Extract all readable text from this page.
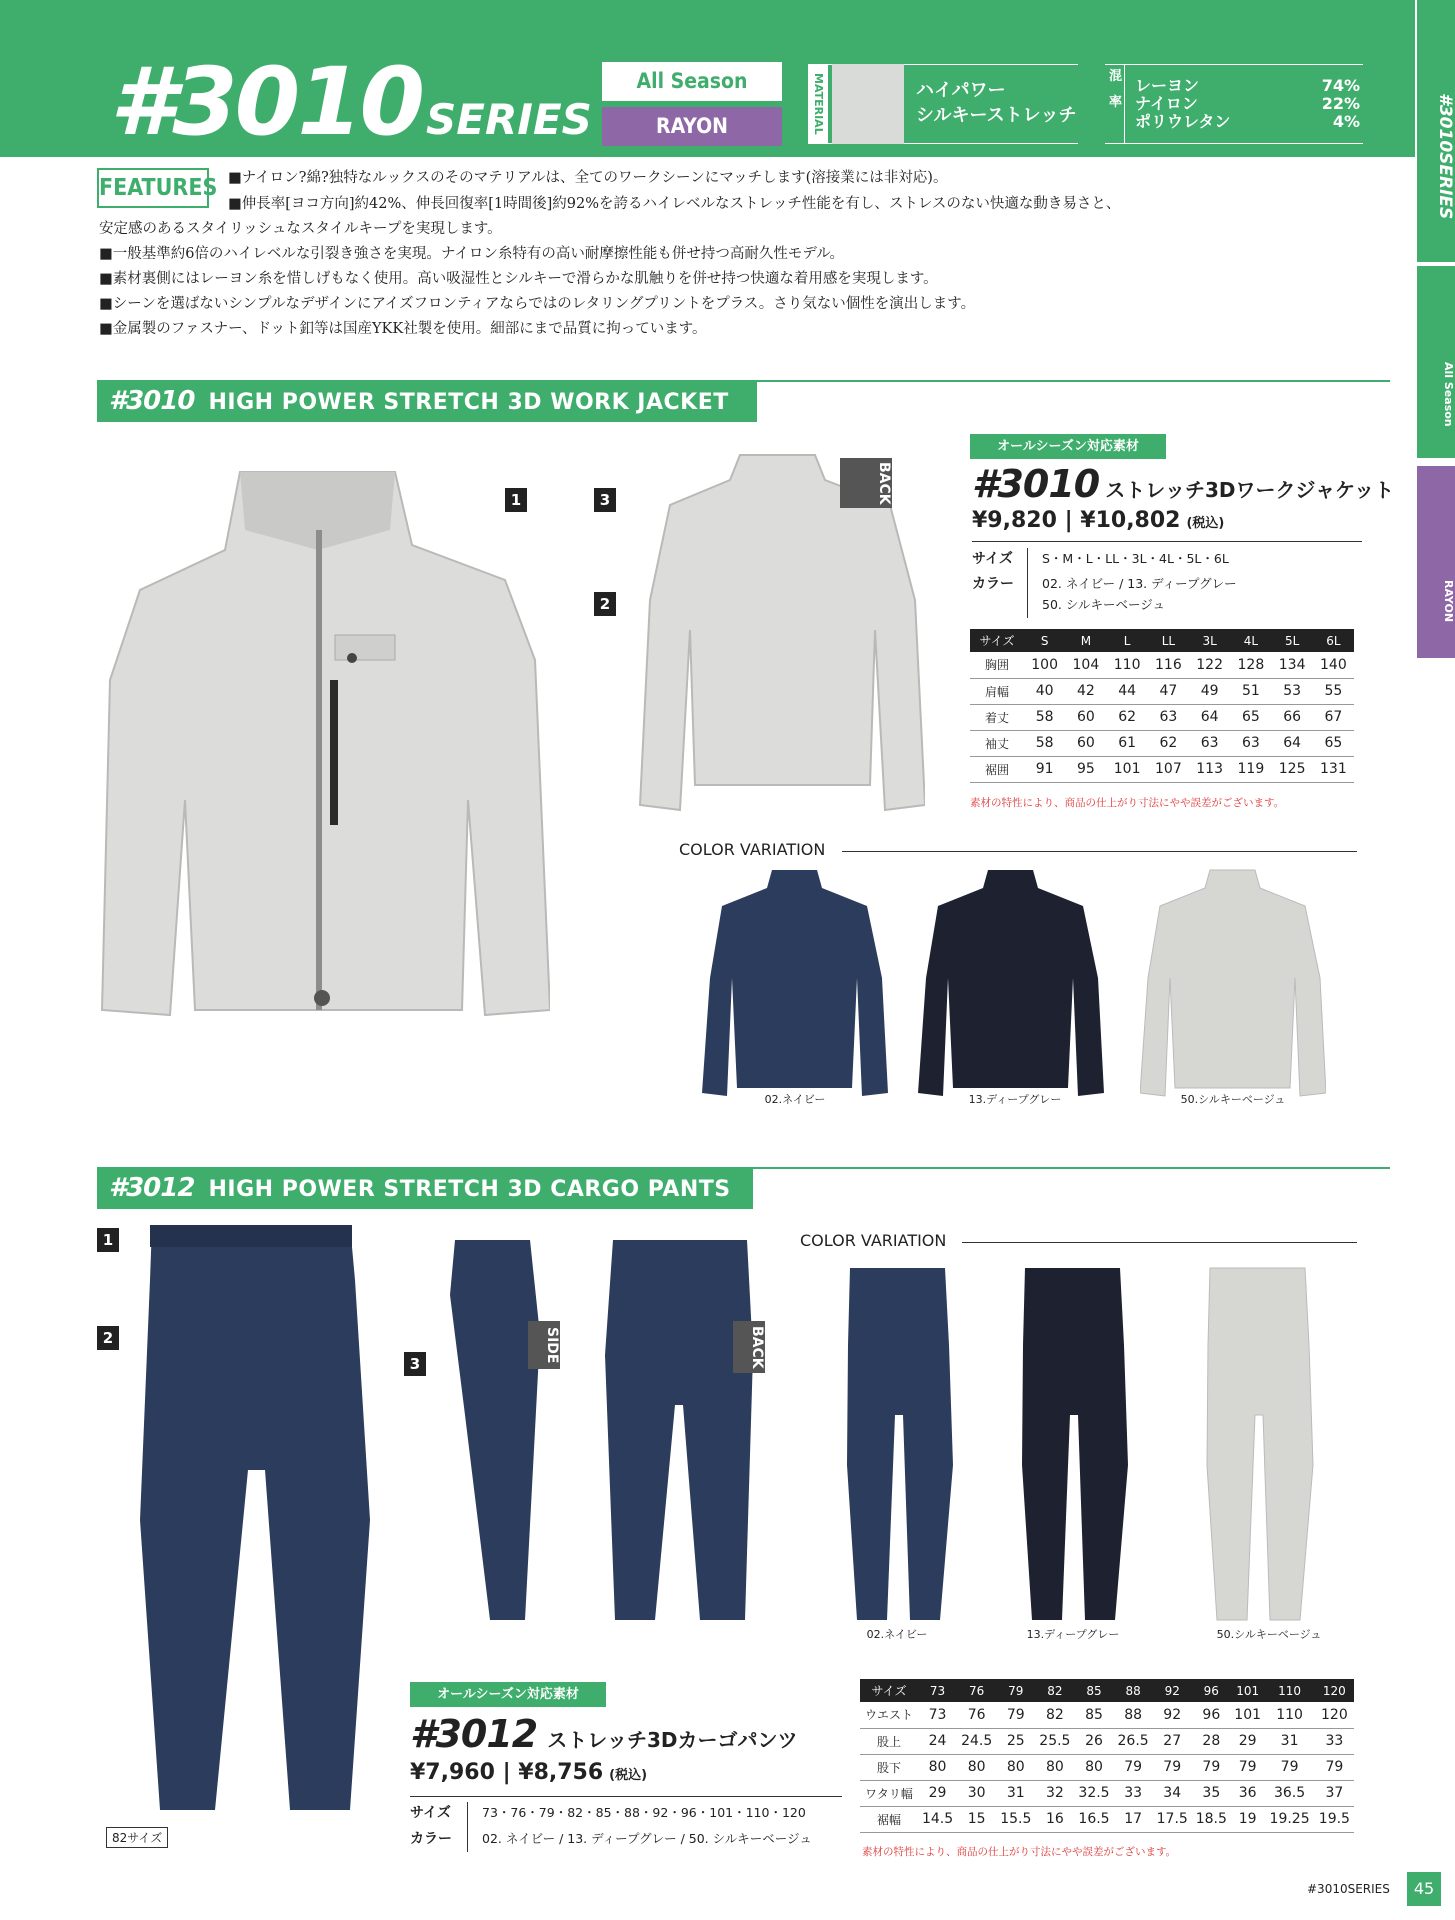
#3010SERIES
All Season
RAYON	MATERIAL	ハイパワー
シルキーストレッチ
混
率
レーヨン	74%
ナイロン	22%
ポリウレタン	4%	#3010SERIES
All Season
RAYON
FEATURES ■ナイロン?綿?独特なルックスのそのマテリアルは、全てのワークシーンにマッチします(溶接業には非対応)。
■伸長率[ヨコ方向]約42%、伸長回復率[1時間後]約92%を誇るハイレベルなストレッチ性能を有し、ストレスのない快適な動き易さと、
安定感のあるスタイリッシュなスタイルキープを実現します。
■一般基準約6倍のハイレベルな引裂き強さを実現。ナイロン糸特有の高い耐摩擦性能も併せ持つ高耐久性モデル。
■素材裏側にはレーヨン糸を惜しげもなく使用。高い吸湿性とシルキーで滑らかな肌触りを併せ持つ快適な着用感を実現します。
■シーンを選ばないシンプルなデザインにアイズフロンティアならではのレタリングプリントをプラス。さり気ない個性を演出します。
■金属製のファスナー、ドット釦等は国産YKK社製を使用。細部にまで品質に拘っています。
#3010 HIGH POWER STRETCH 3D WORK JACKET
1
2
3	BACK
オールシーズン対応素材
#3010 ストレッチ3Dワークジャケット
¥9,820 | ¥10,802 (税込)
サイズ S・M・L・LL・3L・4L・5L・6L
カラー 02. ネイビー / 13. ディープグレー
50. シルキーベージュ
サイズ	S	M	L	LL	3L	4L	5L	6L
胸囲	100	104	110	116	122	128	134	140
肩幅	40	42	44	47	49	51	53	55
着丈	58	60	62	63	64	65	66	67
袖丈	58	60	61	62	63	63	64	65
裾囲	91	95	101	107	113	119	125	131
素材の特性により、商品の仕上がり寸法にやや誤差がございます。
COLOR VARIATION
02.ネイビー	13.ディープグレー	50.シルキーベージュ
#3012 HIGH POWER STRETCH 3D CARGO PANTS
1
2
3
82サイズ
SIDE	BACK
COLOR VARIATION
02.ネイビー	13.ディープグレー	50.シルキーベージュ
オールシーズン対応素材
#3012 ストレッチ3Dカーゴパンツ
¥7,960 | ¥8,756 (税込)
サイズ 73・76・79・82・85・88・92・96・101・110・120
カラー 02. ネイビー / 13. ディープグレー / 50. シルキーベージュ
サイズ	73	76	79	82	85	88	92	96	101	110	120
ウエスト	73	76	79	82	85	88	92	96	101	110	120
股上	24	24.5	25	25.5	26	26.5	27	28	29	31	33
股下	80	80	80	80	80	79	79	79	79	79	79
ワタリ幅	29	30	31	32	32.5	33	34	35	36	36.5	37
裾幅	14.5	15	15.5	16	16.5	17	17.5	18.5	19	19.25	19.5
素材の特性により、商品の仕上がり寸法にやや誤差がございます。
#3010SERIES	45
